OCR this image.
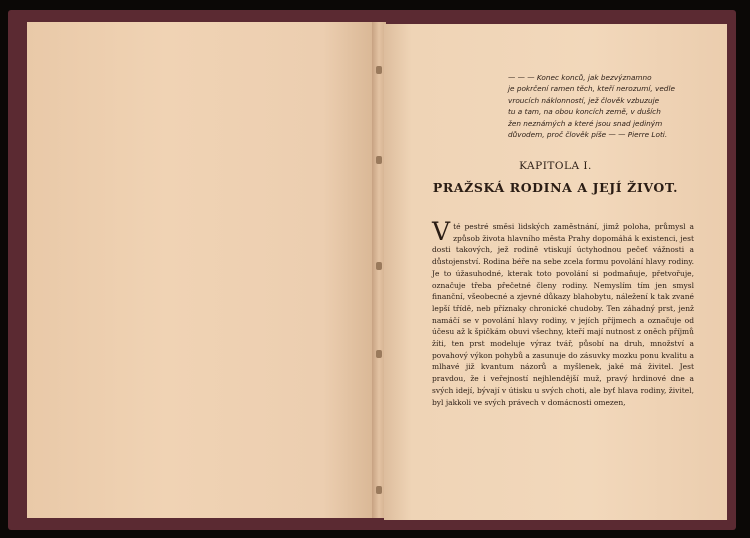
— — — Konec konců, jak bezvýznamno
je pokrčení ramen těch, kteří nerozumí, vedle
vroucích náklonností, jež člověk vzbuzuje
tu a tam, na obou koncích země, v duších
žen neznámých a které jsou snad jediným
důvodem, proč člověk píše — — Pierre Loti.
KAPITOLA I.
PRAŽSKÁ RODINA A JEJÍ ŽIVOT.
Vté pestré směsi lidských zaměstnání, jimž poloha, průmysl a způsob života hlavního města Prahy dopomáhá k existenci, jest dosti takových, jež rodině vtiskují úctyhodnou pečeť vážnosti a důstojenství. Rodina béře na sebe zcela formu povolání hlavy rodiny. Je to úžasuhodné, kterak toto povolání si podmaňuje, přetvořuje, označuje třeba přečetné členy rodiny. Nemyslím tím jen smysl finanční, všeobecné a zjevné důkazy blahobytu, náležení k tak zvané lepší třídě, neb příznaky chronické chudoby. Ten záhadný prst, jenž namáčí se v povolání hlavy rodiny, v jejích příjmech a označuje od účesu až k špičkám obuvi všechny, kteří mají nutnost z oněch příjmů žíti, ten prst modeluje výraz tvář, působí na druh, množství a povahový výkon pohybů a zasunuje do zásuvky mozku ponu kvalitu a mlhavé již kvantum názorů a myšlenek, jaké má živitel. Jest pravdou, že i veřejností nejhlendější muž, pravý hrdinové dne a svých idejí, bývají v útisku u svých choti, ale byť hlava rodiny, živitel, byl jakkoli ve svých právech v domácnosti omezen,
